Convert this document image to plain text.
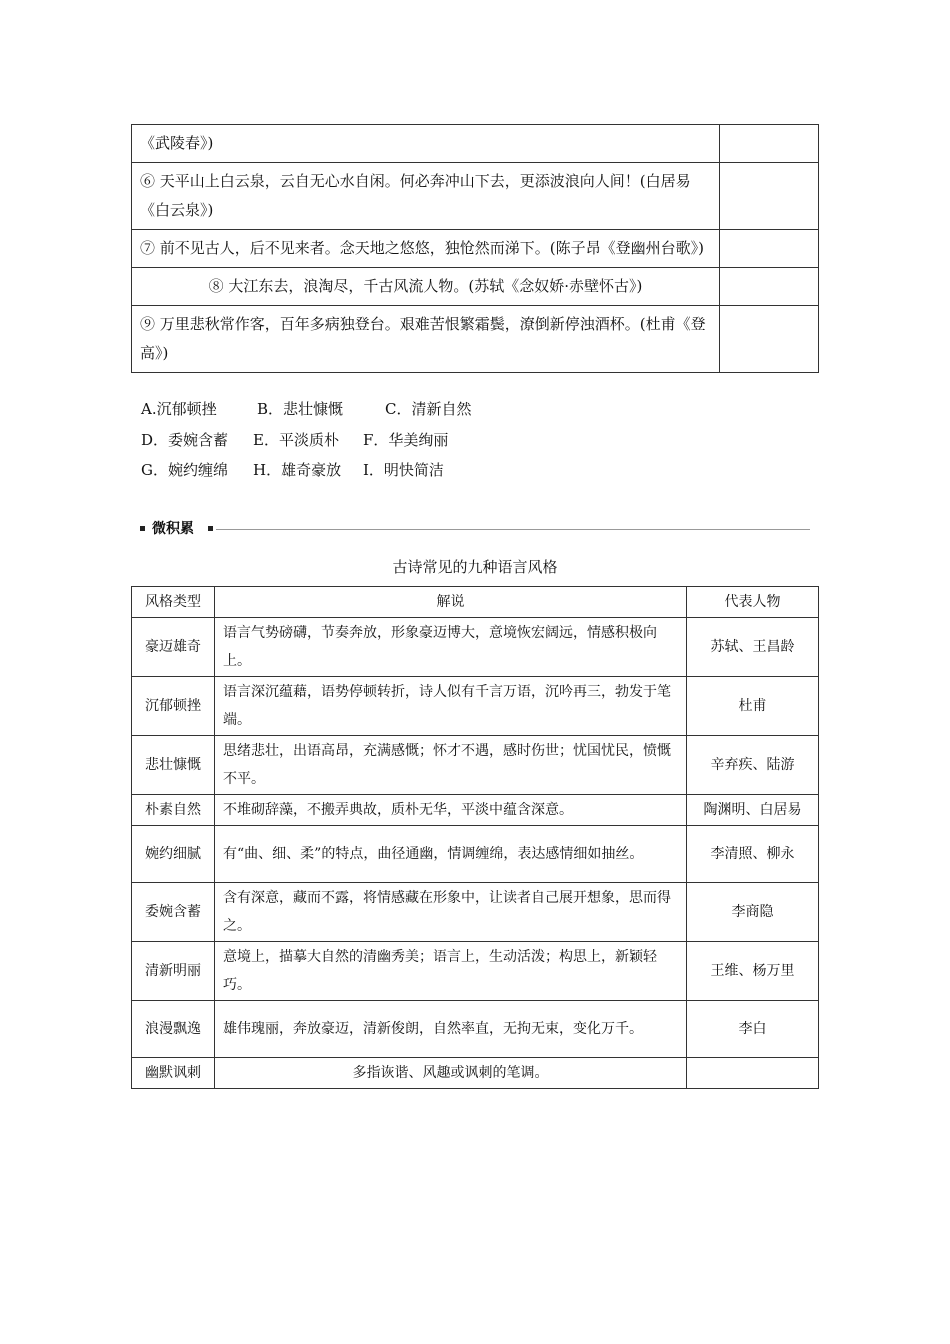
《武陵春》)	
⑥ 天平山上白云泉，云自无心水自闲。何必奔冲山下去，更添波浪向人间！(白居易《白云泉》)	
⑦ 前不见古人，后不见来者。念天地之悠悠，独怆然而涕下。(陈子昂《登幽州台歌》)	
⑧ 大江东去，浪淘尽，千古风流人物。(苏轼《念奴娇·赤壁怀古》)	
⑨ 万里悲秋常作客，百年多病独登台。艰难苦恨繁霜鬓，潦倒新停浊酒杯。(杜甫《登高》)	
A.沉郁顿挫	B．悲壮慷慨	C．清新自然
D．委婉含蓄 E．平淡质朴 F．华美绚丽
G．婉约缠绵 H．雄奇豪放 I．明快简洁
微积累
古诗常见的九种语言风格
风格类型	解说	代表人物
豪迈雄奇	语言气势磅礴，节奏奔放，形象豪迈博大，意境恢宏阔远，情感积极向上。	苏轼、王昌龄
沉郁顿挫	语言深沉蕴藉，语势停顿转折，诗人似有千言万语，沉吟再三，勃发于笔端。	杜甫
悲壮慷慨	思绪悲壮，出语高昂，充满感慨；怀才不遇，感时伤世；忧国忧民，愤慨不平。	辛弃疾、陆游
朴素自然	不堆砌辞藻，不搬弄典故，质朴无华，平淡中蕴含深意。	陶渊明、白居易
婉约细腻	有“曲、细、柔”的特点，曲径通幽，情调缠绵，表达感情细如抽丝。	李清照、柳永
委婉含蓄	含有深意，藏而不露，将情感藏在形象中，让读者自己展开想象，思而得之。	李商隐
清新明丽	意境上，描摹大自然的清幽秀美；语言上，生动活泼；构思上，新颖轻巧。	王维、杨万里
浪漫飘逸	雄伟瑰丽，奔放豪迈，清新俊朗，自然率直，无拘无束，变化万千。	李白
幽默讽刺	多指诙谐、风趣或讽刺的笔调。	
